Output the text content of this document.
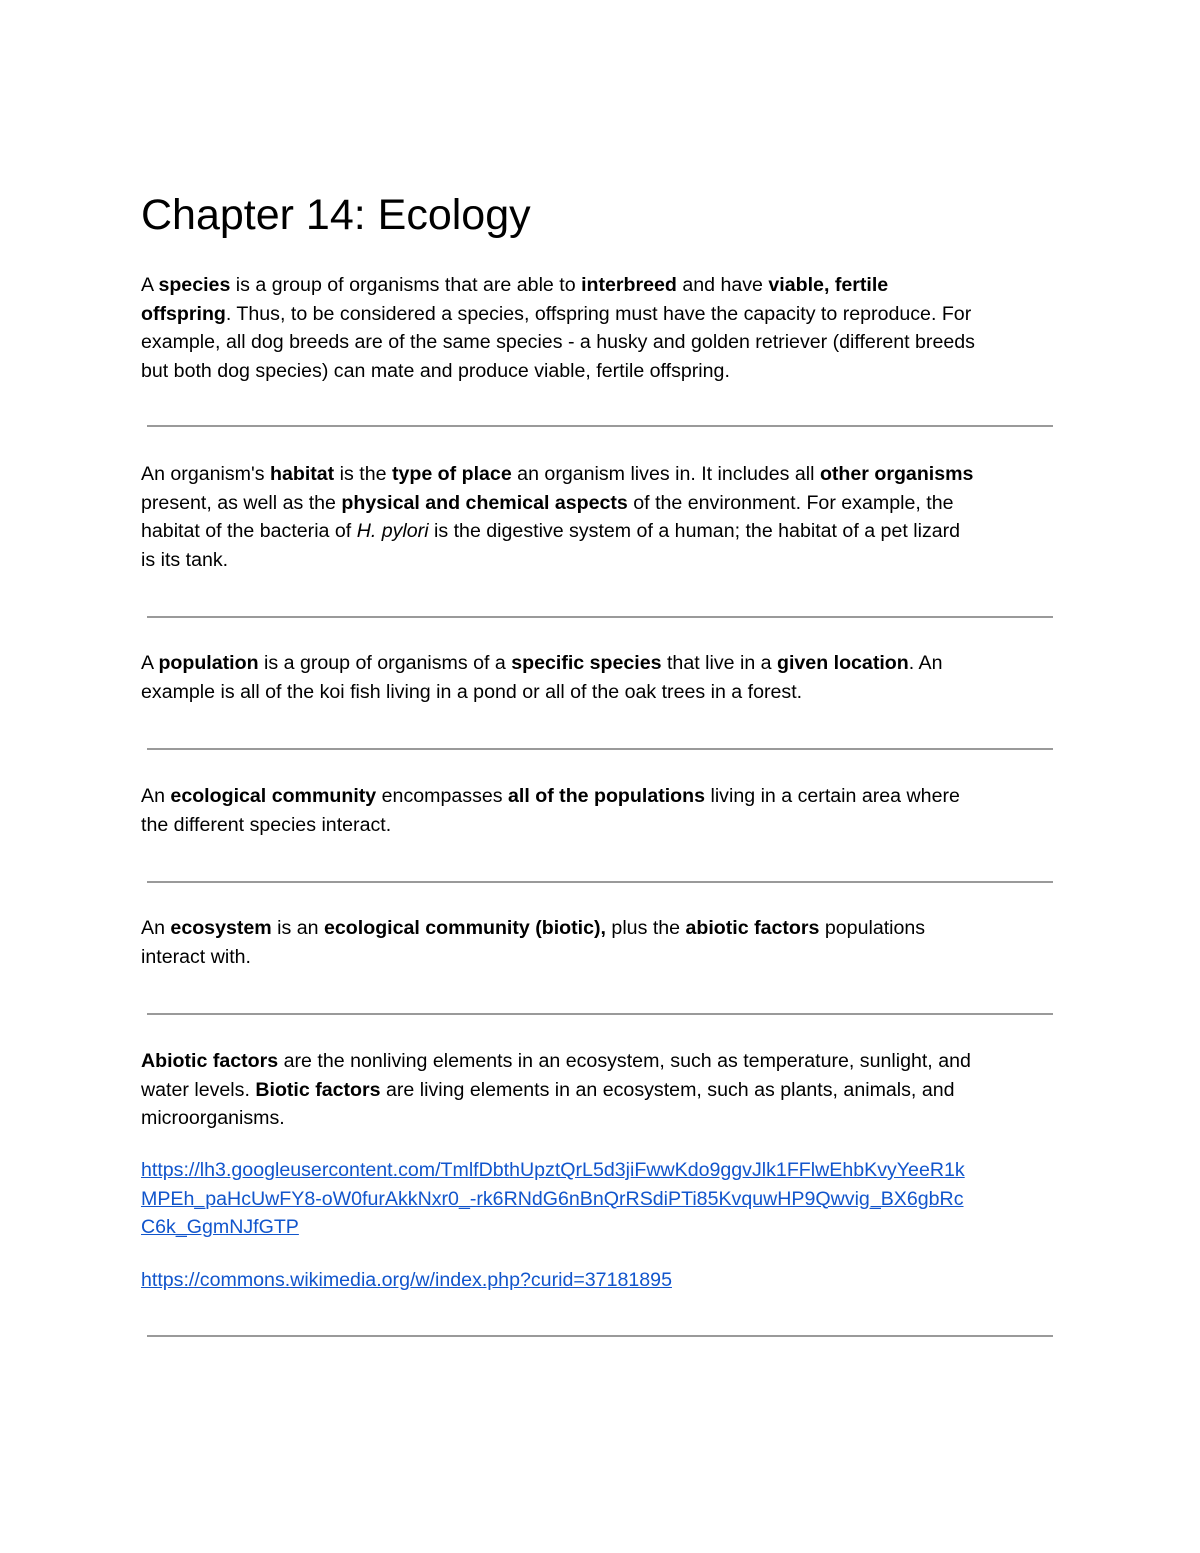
Chapter 14: Ecology

A species is a group of organisms that are able to interbreed and have viable, fertile
offspring. Thus, to be considered a species, offspring must have the capacity to reproduce. For
example, all dog breeds are of the same species - a husky and golden retriever (different breeds
but both dog species) can mate and produce viable, fertile offspring.

An organism's habitat is the type of place an organism lives in. It includes all other organisms
present, as well as the physical and chemical aspects of the environment. For example, the
habitat of the bacteria of H. pylori is the digestive system of a human; the habitat of a pet lizard
is its tank.

A population is a group of organisms of a specific species that live in a given location. An
example is all of the koi fish living in a pond or all of the oak trees in a forest.

An ecological community encompasses all of the populations living in a certain area where
the different species interact.

An ecosystem is an ecological community (biotic), plus the abiotic factors populations
interact with.

Abiotic factors are the nonliving elements in an ecosystem, such as temperature, sunlight, and
water levels. Biotic factors are living elements in an ecosystem, such as plants, animals, and
microorganisms.

https://lh3.googleusercontent.com/TmlfDbthUpztQrL5d3jiFwwKdo9ggvJlk1FFlwEhbKvyYeeR1k
MPEh_paHcUwFY8-oW0furAkkNxr0_-rk6RNdG6nBnQrRSdiPTi85KvquwHP9Qwvig_BX6gbRc
C6k_GgmNJfGTP

https://commons.wikimedia.org/w/index.php?curid=37181895
